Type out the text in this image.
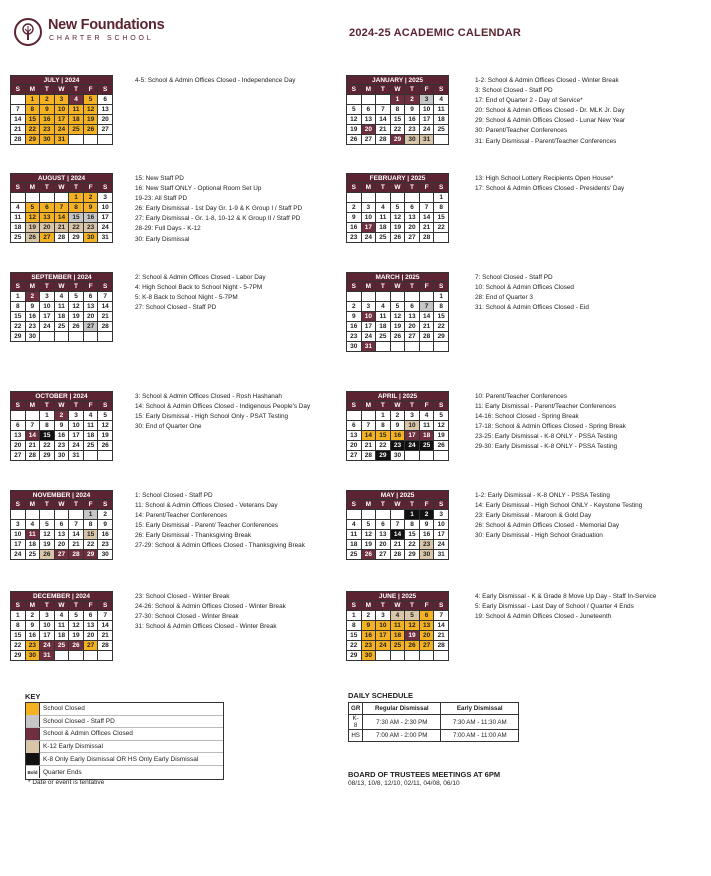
New Foundations
CHARTER SCHOOL	2024-25 ACADEMIC CALENDAR
JULY | 2024
S	M	T	W	T	F	S
	1	2	3	4	5	6
7	8	9	10	11	12	13
14	15	16	17	18	19	20
21	22	23	24	25	26	27
28	29	30	31			
4-5: School & Admin Offices Closed - Independence Day
AUGUST | 2024
S	M	T	W	T	F	S
				1	2	3
4	5	6	7	8	9	10
11	12	13	14	15	16	17
18	19	20	21	22	23	24
25	26	27	28	29	30	31
15: New Staff PD
16: New Staff ONLY - Optional Room Set Up
19-23: All Staff PD
26: Early Dismissal - 1st Day Gr. 1-9 & K Group I / Staff PD
27: Early Dismissal - Gr. 1-8, 10-12 & K Group II / Staff PD
28-29: Full Days - K-12
30: Early Dismissal
SEPTEMBER | 2024
S	M	T	W	T	F	S
1	2	3	4	5	6	7
8	9	10	11	12	13	14
15	16	17	18	19	20	21
22	23	24	25	26	27	28
29	30					
2: School & Admin Offices Closed - Labor Day
4: High School Back to School Night - 5-7PM
5: K-8 Back to School Night - 5-7PM
27: School Closed - Staff PD
OCTOBER | 2024
S	M	T	W	T	F	S
		1	2	3	4	5
6	7	8	9	10	11	12
13	14	15	16	17	18	19
20	21	22	23	24	25	26
27	28	29	30	31		
3: School & Admin Offices Closed - Rosh Hashanah
14: School & Admin Offices Closed - Indigenous People's Day
15: Early Dismissal - High School Only - PSAT Testing
30: End of Quarter One
NOVEMBER | 2024
S	M	T	W	T	F	S
					1	2
3	4	5	6	7	8	9
10	11	12	13	14	15	16
17	18	19	20	21	22	23
24	25	26	27	28	29	30
1: School Closed - Staff PD
11: School & Admin Offices Closed - Veterans Day
14: Parent/Teacher Conferences
15: Early Dismissal - Parent/ Teacher Conferences
26: Early Dismissal - Thanksgiving Break
27-29: School & Admin Offices Closed - Thanksgiving Break
DECEMBER | 2024
S	M	T	W	T	F	S
1	2	3	4	5	6	7
8	9	10	11	12	13	14
15	16	17	18	19	20	21
22	23	24	25	26	27	28
29	30	31				
23: School Closed - Winter Break
24-26: School & Admin Offices Closed - Winter Break
27-30: School Closed - Winter Break
31: School & Admin Offices Closed - Winter Break
JANUARY | 2025
S	M	T	W	T	F	S
			1	2	3	4
5	6	7	8	9	10	11
12	13	14	15	16	17	18
19	20	21	22	23	24	25
26	27	28	29	30	31	
1-2: School & Admin Offices Closed - Winter Break
3: School Closed - Staff PD
17: End of Quarter 2 - Day of Service*
20: School & Admin Offices Closed - Dr. MLK Jr. Day
29: School & Admin Offices Closed - Lunar New Year
30: Parent/Teacher Conferences
31: Early Dismissal - Parent/Teacher Conferences
FEBRUARY | 2025
S	M	T	W	T	F	S
						1
2	3	4	5	6	7	8
9	10	11	12	13	14	15
16	17	18	19	20	21	22
23	24	25	26	27	28	
13: High School Lottery Recipients Open House*
17: School & Admin Offices Closed - Presidents' Day
MARCH | 2025
S	M	T	W	T	F	S
						1
2	3	4	5	6	7	8
9	10	11	12	13	14	15
16	17	18	19	20	21	22
23	24	25	26	27	28	29
30	31					
7: School Closed - Staff PD
10: School & Admin Offices Closed
28: End of Quarter 3
31: School & Admin Offices Closed - Eid
APRIL | 2025
S	M	T	W	T	F	S
		1	2	3	4	5
6	7	8	9	10	11	12
13	14	15	16	17	18	19
20	21	22	23	24	25	26
27	28	29	30			
10: Parent/Teacher Conferences
11: Early Dismissal - Parent/Teacher Conferences
14-16: School Closed - Spring Break
17-18: School & Admin Offices Closed - Spring Break
23-25: Early Dismissal - K-8 ONLY - PSSA Testing
29-30: Early Dismissal - K-8 ONLY - PSSA Testing
MAY | 2025
S	M	T	W	T	F	S
				1	2	3
4	5	6	7	8	9	10
11	12	13	14	15	16	17
18	19	20	21	22	23	24
25	26	27	28	29	30	31
1-2: Early Dismissal - K-8 ONLY - PSSA Testing
14: Early Dismissal - High School ONLY - Keystone Testing
23: Early Dismissal - Maroon & Gold Day
26: School & Admin Offices Closed - Memorial Day
30: Early Dismissal - High School Graduation
JUNE | 2025
S	M	T	W	T	F	S
1	2	3	4	5	6	7
8	9	10	11	12	13	14
15	16	17	18	19	20	21
22	23	24	25	26	27	28
29	30					
4: Early Dismissal - K & Grade 8 Move Up Day - Staff In-Service
5: Early Dismissal - Last Day of School / Quarter 4 Ends
19: School & Admin Offices Closed - Juneteenth
KEY
School Closed
School Closed - Staff PD
School & Admin Offices Closed
K-12 Early Dismissal
K-8 Only Early Dismissal OR HS Only Early Dismissal
Bold Quarter Ends
* Date or event is tentative
DAILY SCHEDULE
GR	Regular Dismissal	Early Dismissal
K-8	7:30 AM - 2:30 PM	7:30 AM - 11:30 AM
HS	7:00 AM - 2:00 PM	7:00 AM - 11:00 AM
BOARD OF TRUSTEES MEETINGS AT 6PM
08/13, 10/8, 12/10, 02/11, 04/08, 06/10
